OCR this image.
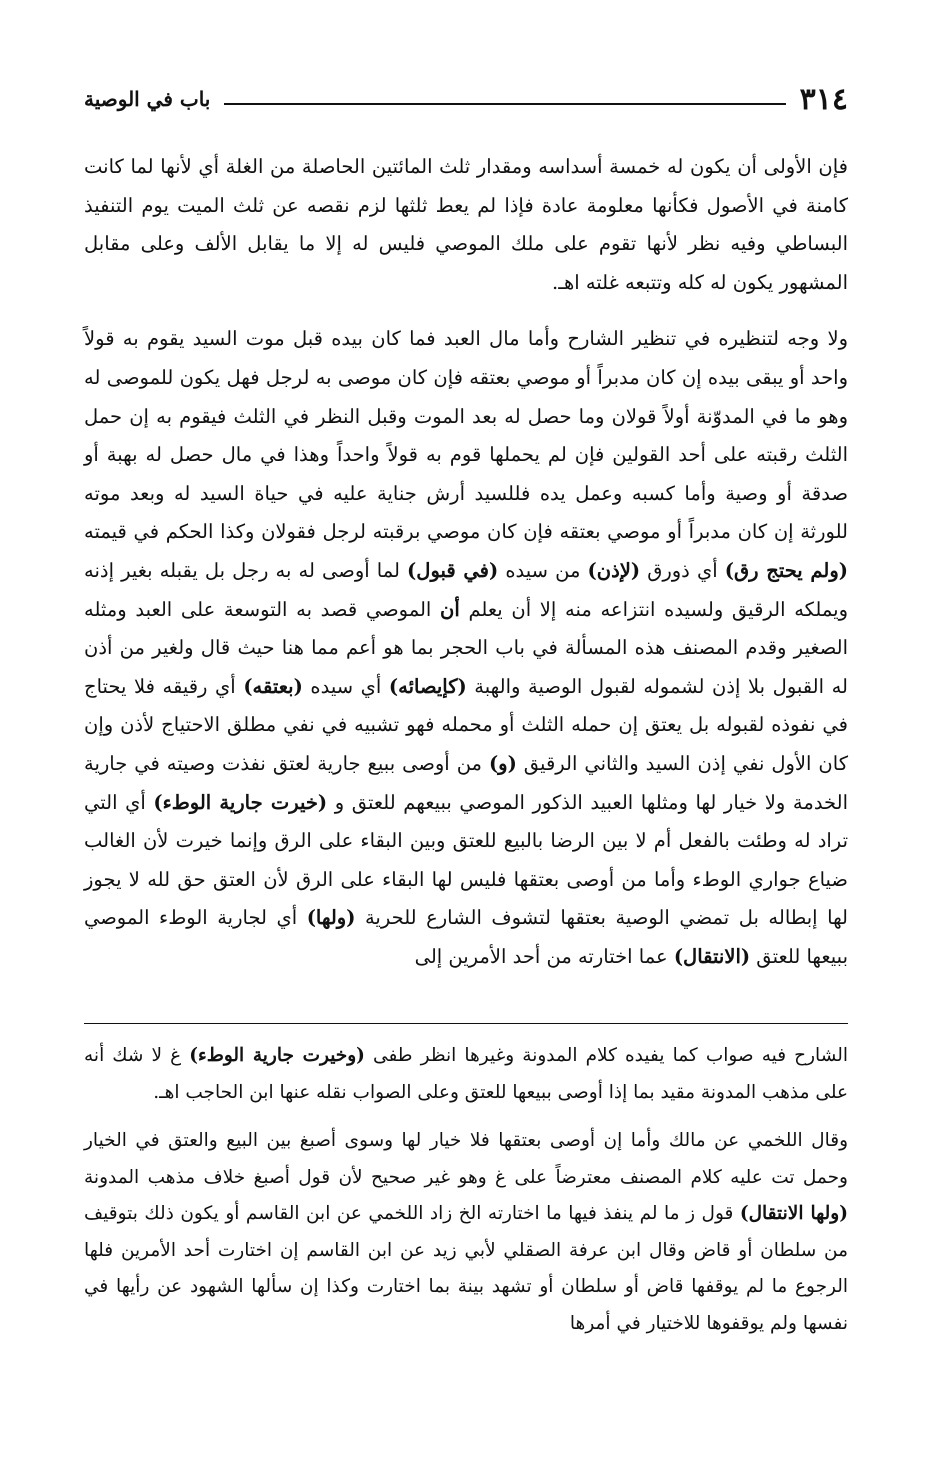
٣١٤
باب في الوصية

فإن الأولى أن يكون له خمسة أسداسه ومقدار ثلث المائتين الحاصلة من الغلة أي لأنها لما كانت كامنة في الأصول فكأنها معلومة عادة فإذا لم يعط ثلثها لزم نقصه عن ثلث الميت يوم التنفيذ البساطي وفيه نظر لأنها تقوم على ملك الموصي فليس له إلا ما يقابل الألف وعلى مقابل المشهور يكون له كله وتتبعه غلته اهـ.

ولا وجه لتنظيره في تنظير الشارح وأما مال العبد فما كان بيده قبل موت السيد يقوم به قولاً واحد أو يبقى بيده إن كان مدبراً أو موصي بعتقه فإن كان موصى به لرجل فهل يكون للموصى له وهو ما في المدوّنة أولاً قولان وما حصل له بعد الموت وقبل النظر في الثلث فيقوم به إن حمل الثلث رقبته على أحد القولين فإن لم يحملها قوم به قولاً واحداً وهذا في مال حصل له بهبة أو صدقة أو وصية وأما كسبه وعمل يده فللسيد أرش جناية عليه في حياة السيد له وبعد موته للورثة إن كان مدبراً أو موصي بعتقه فإن كان موصي برقبته لرجل فقولان وكذا الحكم في قيمته (ولم يحتج رق) أي ذورق (لإذن) من سيده (في قبول) لما أوصى له به رجل بل يقبله بغير إذنه ويملكه الرقيق ولسيده انتزاعه منه إلا أن يعلم أن الموصي قصد به التوسعة على العبد ومثله الصغير وقدم المصنف هذه المسألة في باب الحجر بما هو أعم مما هنا حيث قال ولغير من أذن له القبول بلا إذن لشموله لقبول الوصية والهبة (كإيصائه) أي سيده (بعتقه) أي رقيقه فلا يحتاج في نفوذه لقبوله بل يعتق إن حمله الثلث أو محمله فهو تشبيه في نفي مطلق الاحتياج لأذن وإن كان الأول نفي إذن السيد والثاني الرقيق (و) من أوصى ببيع جارية لعتق نفذت وصيته في جارية الخدمة ولا خيار لها ومثلها العبيد الذكور الموصي ببيعهم للعتق و (خيرت جارية الوطء) أي التي تراد له وطئت بالفعل أم لا بين الرضا بالبيع للعتق وبين البقاء على الرق وإنما خيرت لأن الغالب ضياع جواري الوطء وأما من أوصى بعتقها فليس لها البقاء على الرق لأن العتق حق لله لا يجوز لها إبطاله بل تمضي الوصية بعتقها لتشوف الشارع للحرية (ولها) أي لجارية الوطء الموصي ببيعها للعتق (الانتقال) عما اختارته من أحد الأمرين إلى

الشارح فيه صواب كما يفيده كلام المدونة وغيرها انظر طفى (وخيرت جارية الوطء) غ لا شك أنه على مذهب المدونة مقيد بما إذا أوصى ببيعها للعتق وعلى الصواب نقله عنها ابن الحاجب اهـ.

وقال اللخمي عن مالك وأما إن أوصى بعتقها فلا خيار لها وسوى أصبغ بين البيع والعتق في الخيار وحمل تت عليه كلام المصنف معترضاً على غ وهو غير صحيح لأن قول أصبغ خلاف مذهب المدونة (ولها الانتقال) قول ز ما لم ينفذ فيها ما اختارته الخ زاد اللخمي عن ابن القاسم أو يكون ذلك بتوقيف من سلطان أو قاض وقال ابن عرفة الصقلي لأبي زيد عن ابن القاسم إن اختارت أحد الأمرين فلها الرجوع ما لم يوقفها قاض أو سلطان أو تشهد بينة بما اختارت وكذا إن سألها الشهود عن رأيها في نفسها ولم يوقفوها للاختيار في أمرها
